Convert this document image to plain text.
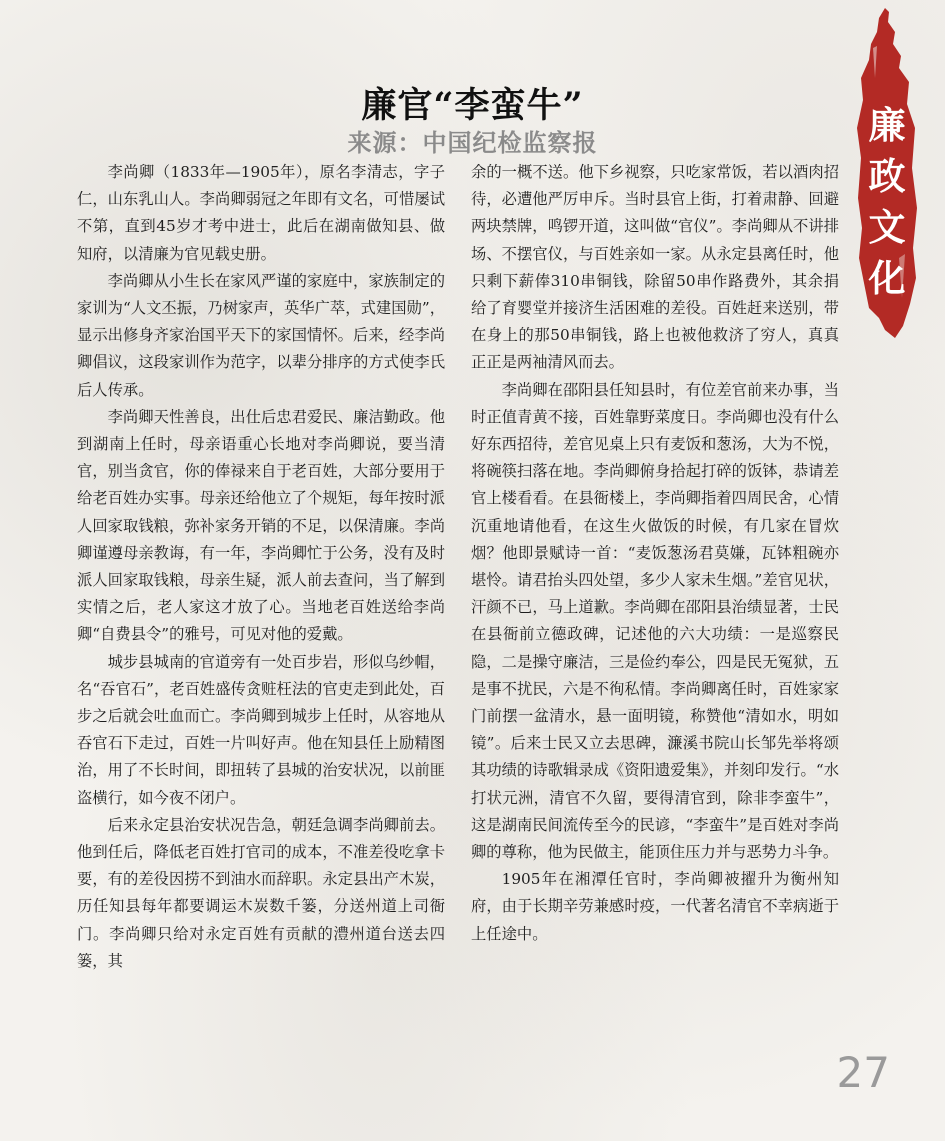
廉官“李蛮牛”
来源：中国纪检监察报	廉
政
文
化

李尚卿（1833年—1905年），原名李清志，字子仁，山东乳山人。李尚卿弱冠之年即有文名，可惜屡试不第，直到45岁才考中进士，此后在湖南做知县、做知府，以清廉为官见载史册。

李尚卿从小生长在家风严谨的家庭中，家族制定的家训为“人文丕振，乃树家声，英华广萃，式建国勋”，显示出修身齐家治国平天下的家国情怀。后来，经李尚卿倡议，这段家训作为范字，以辈分排序的方式使李氏后人传承。

李尚卿天性善良，出仕后忠君爱民、廉洁勤政。他到湖南上任时，母亲语重心长地对李尚卿说，要当清官，别当贪官，你的俸禄来自于老百姓，大部分要用于给老百姓办实事。母亲还给他立了个规矩，每年按时派人回家取钱粮，弥补家务开销的不足，以保清廉。李尚卿谨遵母亲教诲，有一年，李尚卿忙于公务，没有及时派人回家取钱粮，母亲生疑，派人前去查问，当了解到实情之后，老人家这才放了心。当地老百姓送给李尚卿“自费县令”的雅号，可见对他的爱戴。

城步县城南的官道旁有一处百步岩，形似乌纱帽，名“吞官石”，老百姓盛传贪赃枉法的官吏走到此处，百步之后就会吐血而亡。李尚卿到城步上任时，从容地从吞官石下走过，百姓一片叫好声。他在知县任上励精图治，用了不长时间，即扭转了县城的治安状况，以前匪盗横行，如今夜不闭户。

后来永定县治安状况告急，朝廷急调李尚卿前去。他到任后，降低老百姓打官司的成本，不准差役吃拿卡要，有的差役因捞不到油水而辞职。永定县出产木炭，历任知县每年都要调运木炭数千篓，分送州道上司衙门。李尚卿只给对永定百姓有贡献的澧州道台送去四篓，其

余的一概不送。他下乡视察，只吃家常饭，若以酒肉招待，必遭他严厉申斥。当时县官上街，打着肃静、回避两块禁牌，鸣锣开道，这叫做“官仪”。李尚卿从不讲排场、不摆官仪，与百姓亲如一家。从永定县离任时，他只剩下薪俸310串铜钱，除留50串作路费外，其余捐给了育婴堂并接济生活困难的差役。百姓赶来送别，带在身上的那50串铜钱，路上也被他救济了穷人，真真正正是两袖清风而去。

李尚卿在邵阳县任知县时，有位差官前来办事，当时正值青黄不接，百姓靠野菜度日。李尚卿也没有什么好东西招待，差官见桌上只有麦饭和葱汤，大为不悦，将碗筷扫落在地。李尚卿俯身拾起打碎的饭钵，恭请差官上楼看看。在县衙楼上，李尚卿指着四周民舍，心情沉重地请他看，在这生火做饭的时候，有几家在冒炊烟？他即景赋诗一首：“麦饭葱汤君莫嫌，瓦钵粗碗亦堪怜。请君抬头四处望，多少人家未生烟。”差官见状，汗颜不已，马上道歉。李尚卿在邵阳县治绩显著，士民在县衙前立德政碑，记述他的六大功绩：一是巡察民隐，二是操守廉洁，三是俭约奉公，四是民无冤狱，五是事不扰民，六是不徇私情。李尚卿离任时，百姓家家门前摆一盆清水，悬一面明镜，称赞他“清如水，明如镜”。后来士民又立去思碑，濂溪书院山长邹先举将颂其功绩的诗歌辑录成《资阳遗爱集》，并刻印发行。“水打状元洲，清官不久留，要得清官到，除非李蛮牛”，这是湖南民间流传至今的民谚，“李蛮牛”是百姓对李尚卿的尊称，他为民做主，能顶住压力并与恶势力斗争。

1905年在湘潭任官时，李尚卿被擢升为衡州知府，由于长期辛劳兼感时疫，一代著名清官不幸病逝于上任途中。

27
